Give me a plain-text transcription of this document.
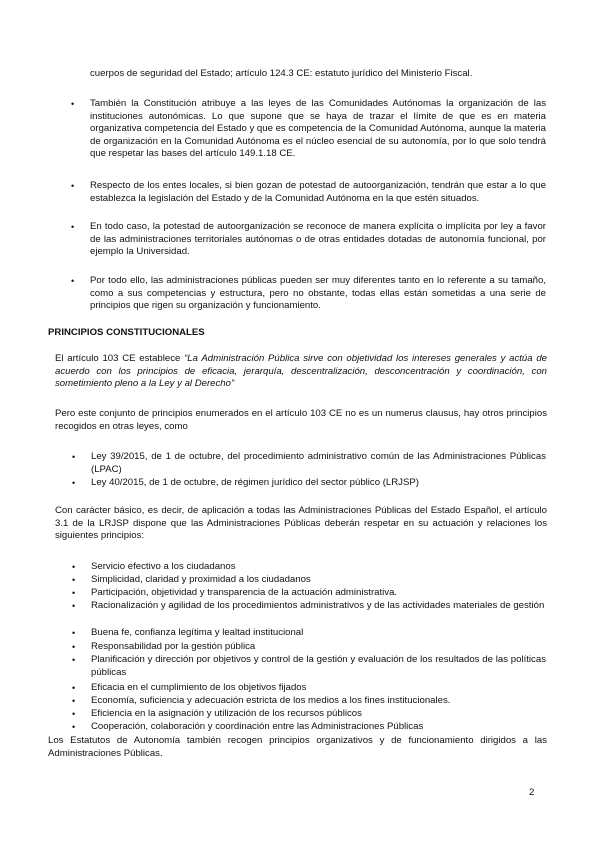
cuerpos de seguridad del Estado; artículo 124.3 CE: estatuto jurídico del Ministerio Fiscal.

• También la Constitución atribuye a las leyes de las Comunidades Autónomas la organización de las instituciones autonómicas. Lo que supone que se haya de trazar el límite de que es en materia organizativa competencia del Estado y que es competencia de la Comunidad Autónoma, aunque la materia de organización en la Comunidad Autónoma es el núcleo esencial de su autonomía, por lo que solo tendrá que respetar las bases del artículo 149.1.18 CE.

• Respecto de los entes locales, si bien gozan de potestad de autoorganización, tendrán que estar a lo que establezca la legislación del Estado y de la Comunidad Autónoma en la que estén situados.

• En todo caso, la potestad de autoorganización se reconoce de manera explícita o implícita por ley a favor de las administraciones territoriales autónomas o de otras entidades dotadas de autonomía funcional, por ejemplo la Universidad.

• Por todo ello, las administraciones públicas pueden ser muy diferentes tanto en lo referente a su tamaño, como a sus competencias y estructura, pero no obstante, todas ellas están sometidas a una serie de principios que rigen su organización y funcionamiento.

PRINCIPIOS CONSTITUCIONALES

El artículo 103 CE establece “La Administración Pública sirve con objetividad los intereses generales y actúa de acuerdo con los principios de eficacia, jerarquía, descentralización, desconcentración y coordinación, con sometimiento pleno a la Ley y al Derecho”

Pero este conjunto de principios enumerados en el artículo 103 CE no es un numerus clausus, hay otros principios recogidos en otras leyes, como

• Ley 39/2015, de 1 de octubre, del procedimiento administrativo común de las Administraciones Públicas (LPAC)

• Ley 40/2015, de 1 de octubre, de régimen jurídico del sector público (LRJSP)

Con carácter básico, es decir, de aplicación a todas las Administraciones Públicas del Estado Español, el artículo 3.1 de la LRJSP dispone que las Administraciones Públicas deberán respetar en su actuación y relaciones los siguientes principios:

• Servicio efectivo a los ciudadanos

• Simplicidad, claridad y proximidad a los ciudadanos

• Participación, objetividad y transparencia de la actuación administrativa.

• Racionalización y agilidad de los procedimientos administrativos y de las actividades materiales de gestión

• Buena fe, confianza legítima y lealtad institucional

• Responsabilidad por la gestión pública

• Planificación y dirección por objetivos y control de la gestión y evaluación de los resultados de las políticas públicas

• Eficacia en el cumplimiento de los objetivos fijados

• Economía, suficiencia y adecuación estricta de los medios a los fines institucionales.

• Eficiencia en la asignación y utilización de los recursos públicos

• Cooperación, colaboración y coordinación entre las Administraciones Públicas

Los Estatutos de Autonomía también recogen principios organizativos y de funcionamiento dirigidos a las Administraciones Públicas.

2
